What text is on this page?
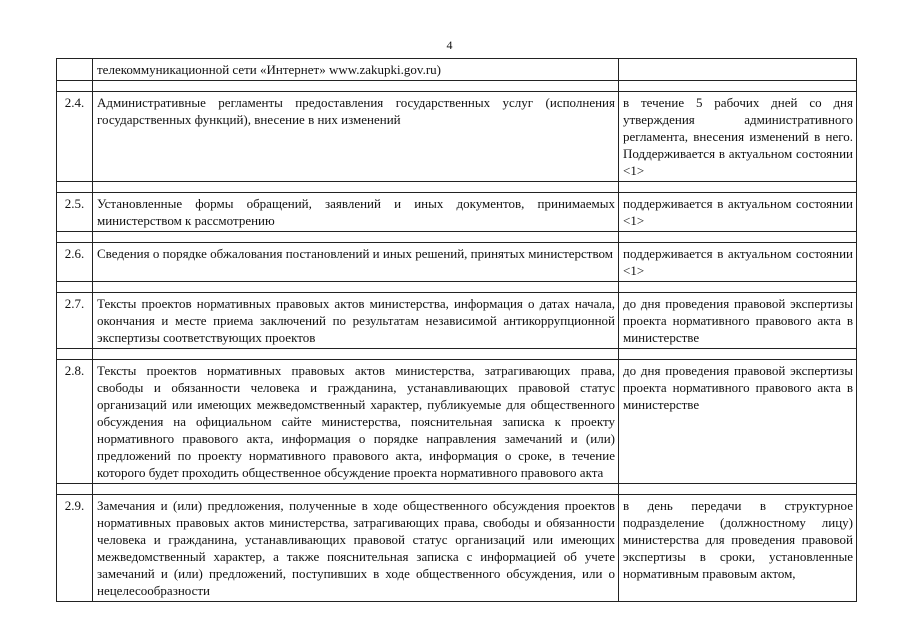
4
	телекоммуникационной сети «Интернет» www.zakupki.gov.ru)	

2.4.	Административные регламенты предоставления государственных услуг (исполнения государственных функций), внесение в них изменений	в течение 5 рабочих дней со дня утверждения административного регламента, внесения изменений в него. Поддерживается в актуальном состоянии <1>

2.5.	Установленные формы обращений, заявлений и иных документов, принимаемых министерством к рассмотрению	поддерживается в актуальном состоянии <1>

2.6.	Сведения о порядке обжалования постановлений и иных решений, принятых министерством	поддерживается в актуальном состоянии <1>

2.7.	Тексты проектов нормативных правовых актов министерства, информация о датах начала, окончания и месте приема заключений по результатам независимой антикоррупционной экспертизы соответствующих проектов	до дня проведения правовой экспертизы проекта нормативного правового акта в министерстве

2.8.	Тексты проектов нормативных правовых актов министерства, затрагивающих права, свободы и обязанности человека и гражданина, устанавливающих правовой статус организаций или имеющих межведомственный характер, публикуемые для общественного обсуждения на официальном сайте министерства, пояснительная записка к проекту нормативного правового акта, информация о порядке направления замечаний и (или) предложений по проекту нормативного правового акта, информация о сроке, в течение которого будет проходить общественное обсуждение проекта нормативного правового акта	до дня проведения правовой экспертизы проекта нормативного правового акта в министерстве

2.9.	Замечания и (или) предложения, полученные в ходе общественного обсуждения проектов нормативных правовых актов министерства, затрагивающих права, свободы и обязанности человека и гражданина, устанавливающих правовой статус организаций или имеющих межведомственный характер, а также пояснительная записка с информацией об учете замечаний и (или) предложений, поступивших в ходе общественного обсуждения, или о нецелесообразности	в день передачи в структурное подразделение (должностному лицу) министерства для проведения правовой экспертизы в сроки, установленные нормативным правовым актом,
